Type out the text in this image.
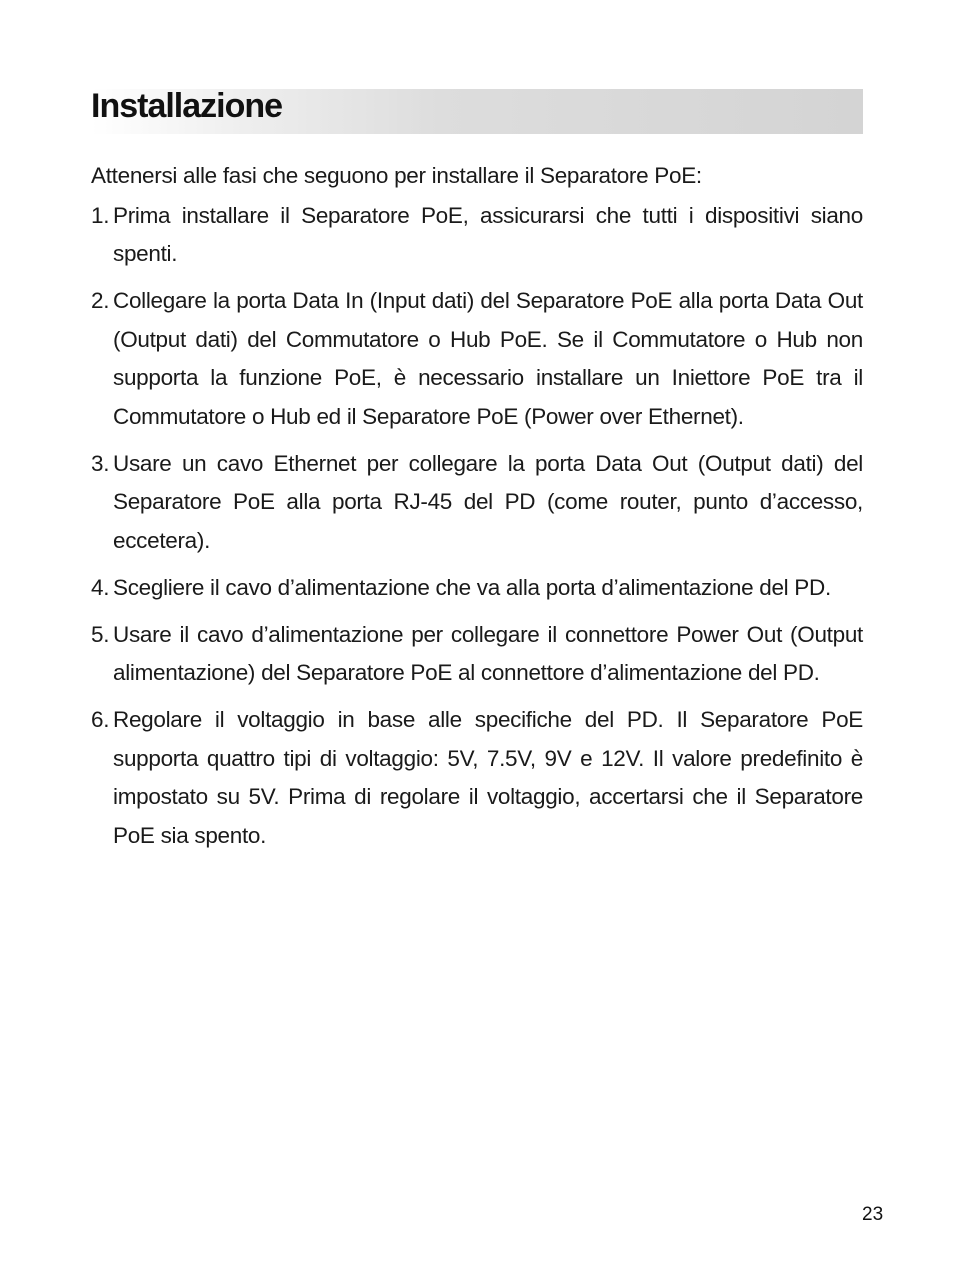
Installazione

Attenersi alle fasi che seguono per installare il Separatore PoE:

1. Prima installare il Separatore PoE, assicurarsi che tutti i dispositivi siano spenti.
2. Collegare la porta Data In (Input dati) del Separatore PoE alla porta Data Out (Output dati) del Commutatore o Hub PoE. Se il Commutatore o Hub non supporta la funzione PoE, è necessario installare un Iniettore PoE tra il Commutatore o Hub ed il Separatore PoE (Power over Ethernet).
3. Usare un cavo Ethernet per collegare la porta Data Out (Output dati) del Separatore PoE alla porta RJ-45 del PD (come router, punto d’accesso, eccetera).
4. Scegliere il cavo d’alimentazione che va alla porta d’alimentazione del PD.
5. Usare il cavo d’alimentazione per collegare il connettore Power Out (Output alimentazione) del Separatore PoE al connettore d’alimentazione del PD.
6. Regolare il voltaggio in base alle specifiche del PD. Il Separatore PoE supporta quattro tipi di voltaggio: 5V, 7.5V, 9V e 12V. Il valore predefinito è impostato su 5V. Prima di regolare il voltaggio, accertarsi che il Separatore PoE sia spento.
23
